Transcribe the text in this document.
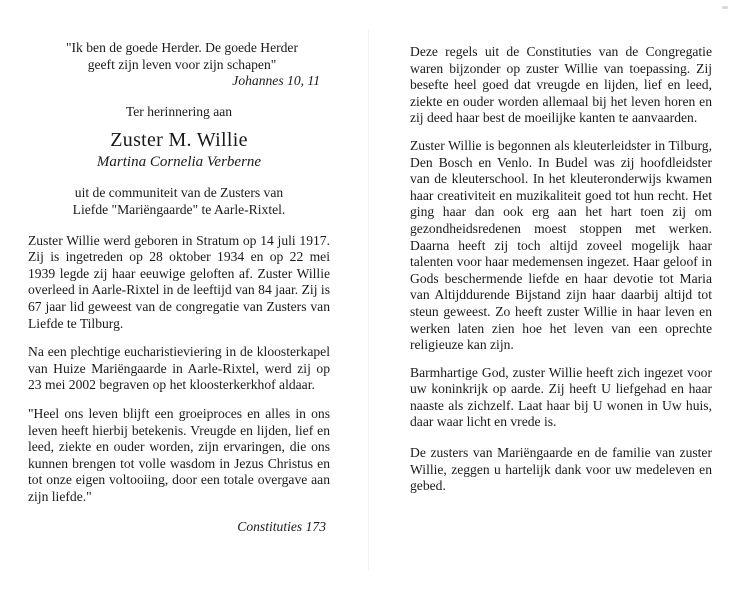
"Ik ben de goede Herder. De goede Herder
geeft zijn leven voor zijn schapen"
Johannes 10, 11
Ter herinnering aan
Zuster M. Willie
Martina Cornelia Verberne
uit de communiteit van de Zusters van
Liefde "Mariëngaarde" te Aarle-Rixtel.

Zuster Willie werd geboren in Stratum op 14 juli 1917. Zij is ingetreden op 28 oktober 1934 en op 22 mei 1939 legde zij haar eeuwige geloften af. Zuster Willie overleed in Aarle-Rixtel in de leeftijd van 84 jaar. Zij is 67 jaar lid geweest van de congregatie van Zusters van Liefde te Tilburg.

Na een plechtige eucharistieviering in de kloosterkapel van Huize Mariëngaarde in Aarle-Rixtel, werd zij op 23 mei 2002 begraven op het kloosterkerkhof aldaar.

"Heel ons leven blijft een groeiproces en alles in ons leven heeft hierbij betekenis. Vreugde en lijden, lief en leed, ziekte en ouder worden, zijn ervaringen, die ons kunnen brengen tot volle wasdom in Jezus Christus en tot onze eigen voltooiing, door een totale overgave aan zijn liefde."

Constituties 173

Deze regels uit de Constituties van de Congregatie waren bijzonder op zuster Willie van toepassing. Zij besefte heel goed dat vreugde en lijden, lief en leed, ziekte en ouder worden allemaal bij het leven horen en zij deed haar best de moeilijke kanten te aanvaarden.

Zuster Willie is begonnen als kleuterleidster in Tilburg, Den Bosch en Venlo. In Budel was zij hoofdleidster van de kleuterschool. In het kleuteronderwijs kwamen haar creativiteit en muzikaliteit goed tot hun recht. Het ging haar dan ook erg aan het hart toen zij om gezondheidsredenen moest stoppen met werken. Daarna heeft zij toch altijd zoveel mogelijk haar talenten voor haar medemensen ingezet. Haar geloof in Gods beschermende liefde en haar devotie tot Maria van Altijddurende Bijstand zijn haar daarbij altijd tot steun geweest. Zo heeft zuster Willie in haar leven en werken laten zien hoe het leven van een oprechte religieuze kan zijn.

Barmhartige God, zuster Willie heeft zich ingezet voor uw koninkrijk op aarde. Zij heeft U liefgehad en haar naaste als zichzelf. Laat haar bij U wonen in Uw huis, daar waar licht en vrede is.

De zusters van Mariëngaarde en de familie van zuster Willie, zeggen u hartelijk dank voor uw medeleven en gebed.
